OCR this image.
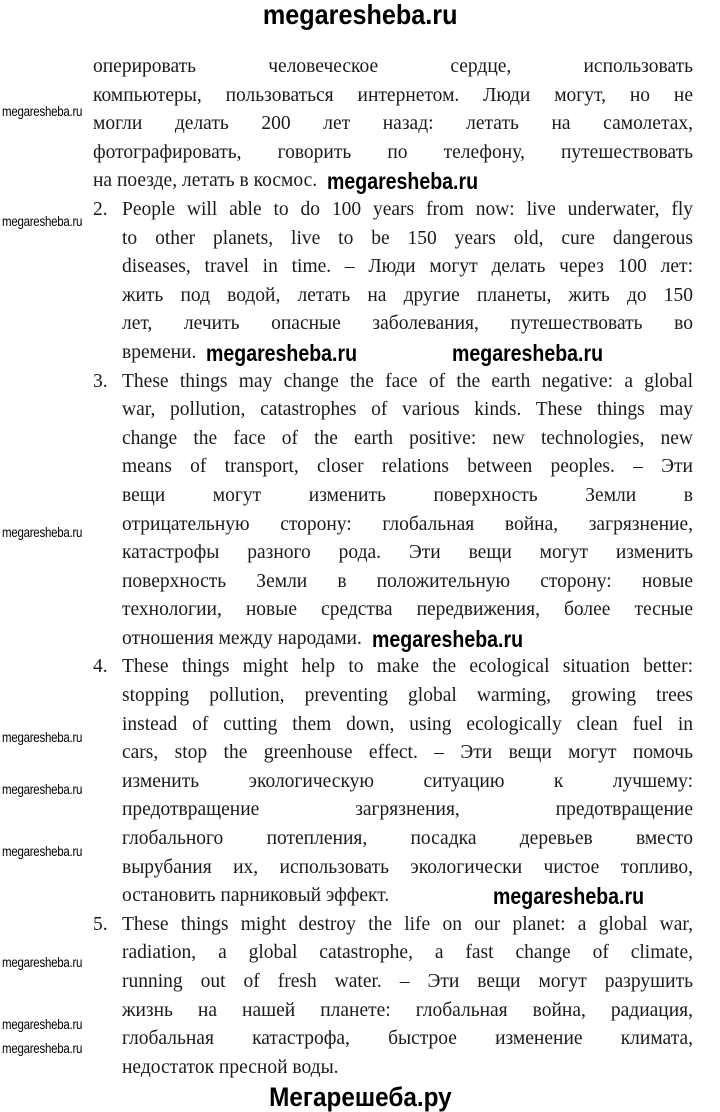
megaresheba.ru
оперировать человеческое сердце, использовать
компьютеры, пользоваться интернетом. Люди могут, но не
могли делать 200 лет назад: летать на самолетах,
фотографировать, говорить по телефону, путешествовать
на поезде, летать в космос.
2. People will able to do 100 years from now: live underwater, fly
to other planets, live to be 150 years old, cure dangerous
diseases, travel in time. – Люди могут делать через 100 лет:
жить под водой, летать на другие планеты, жить до 150
лет, лечить опасные заболевания, путешествовать во
времени.
3. These things may change the face of the earth negative: a global
war, pollution, catastrophes of various kinds. These things may
change the face of the earth positive: new technologies, new
means of transport, closer relations between peoples. – Эти
вещи могут изменить поверхность Земли в
отрицательную сторону: глобальная война, загрязнение,
катастрофы разного рода. Эти вещи могут изменить
поверхность Земли в положительную сторону: новые
технологии, новые средства передвижения, более тесные
отношения между народами.
4. These things might help to make the ecological situation better:
stopping pollution, preventing global warming, growing trees
instead of cutting them down, using ecologically clean fuel in
cars, stop the greenhouse effect. – Эти вещи могут помочь
изменить экологическую ситуацию к лучшему:
предотвращение загрязнения, предотвращение
глобального потепления, посадка деревьев вместо
вырубания их, использовать экологически чистое топливо,
остановить парниковый эффект.
5. These things might destroy the life on our planet: a global war,
radiation, a global catastrophe, a fast change of climate,
running out of fresh water. – Эти вещи могут разрушить
жизнь на нашей планете: глобальная война, радиация,
глобальная катастрофа, быстрое изменение климата,
недостаток пресной воды.
megaresheba.ru
megaresheba.ru	megaresheba.ru
megaresheba.ru
megaresheba.ru
megaresheba.ru
megaresheba.ru
megaresheba.ru
megaresheba.ru
megaresheba.ru
megaresheba.ru
megaresheba.ru
megaresheba.ru
megaresheba.ru
Мегарешеба.ру
